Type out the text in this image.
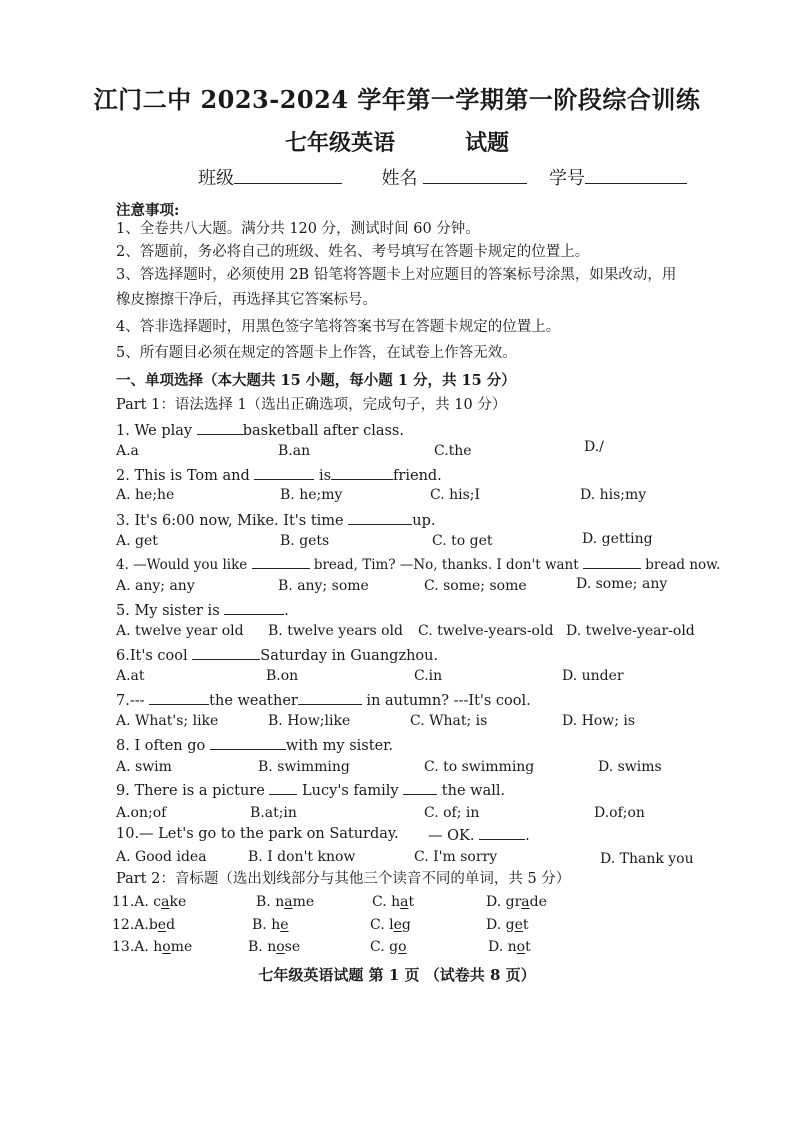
江门二中 2023-2024 学年第一学期第一阶段综合训练
七年级英语	试题
班级	姓名	学号
注意事项:
1、全卷共八大题。满分共 120 分，测试时间 60 分钟。
2、答题前，务必将自己的班级、姓名、考号填写在答题卡规定的位置上。
3、答选择题时，必须使用 2B 铅笔将答题卡上对应题目的答案标号涂黑，如果改动，用
橡皮擦擦干净后，再选择其它答案标号。
4、答非选择题时，用黑色签字笔将答案书写在答题卡规定的位置上。
5、所有题目必须在规定的答题卡上作答，在试卷上作答无效。
一、单项选择（本大题共 15 小题，每小题 1 分，共 15 分）
Part 1：语法选择 1（选出正确选项，完成句子，共 10 分）
1. We play	basketball after class.
A.a	B.an	C.the	D./
2. This is Tom and	is	friend.
A. he;he	B. he;my	C. his;I	D. his;my
3. It's 6:00 now, Mike. It's time	up.
A. get	B. gets	C. to get	D. getting
4. —Would you like	bread, Tim? —No, thanks. I don't want	bread now.
A. any; any	B. any; some	C. some; some	D. some; any
5. My sister is	.
A. twelve year old B. twelve years old C. twelve-years-old D. twelve-year-old
6.It's cool	Saturday in Guangzhou.
A.at	B.on	C.in	D. under
7.---	the weather	in autumn? ---It's cool.
A. What's; like	B. How;like	C. What; is	D. How; is
8. I often go	with my sister.
A. swim	B. swimming	C. to swimming	D. swims
9. There is a picture  Lucy's family  the wall.
A.on;of	B.at;in	C. of; in	D.of;on
10.— Let's go to the park on Saturday. — OK.	.
A. Good idea	B. I don't know	C. I'm sorry	D. Thank you
Part 2：音标题（选出划线部分与其他三个读音不同的单词，共 5 分）
11.A. cake	B. name	C. hat	D. grade
12.A.bed	B. he	C. leg	D. get
13.A. home	B. nose	C. go	D. not
七年级英语试题 第 1 页 （试卷共 8 页）
